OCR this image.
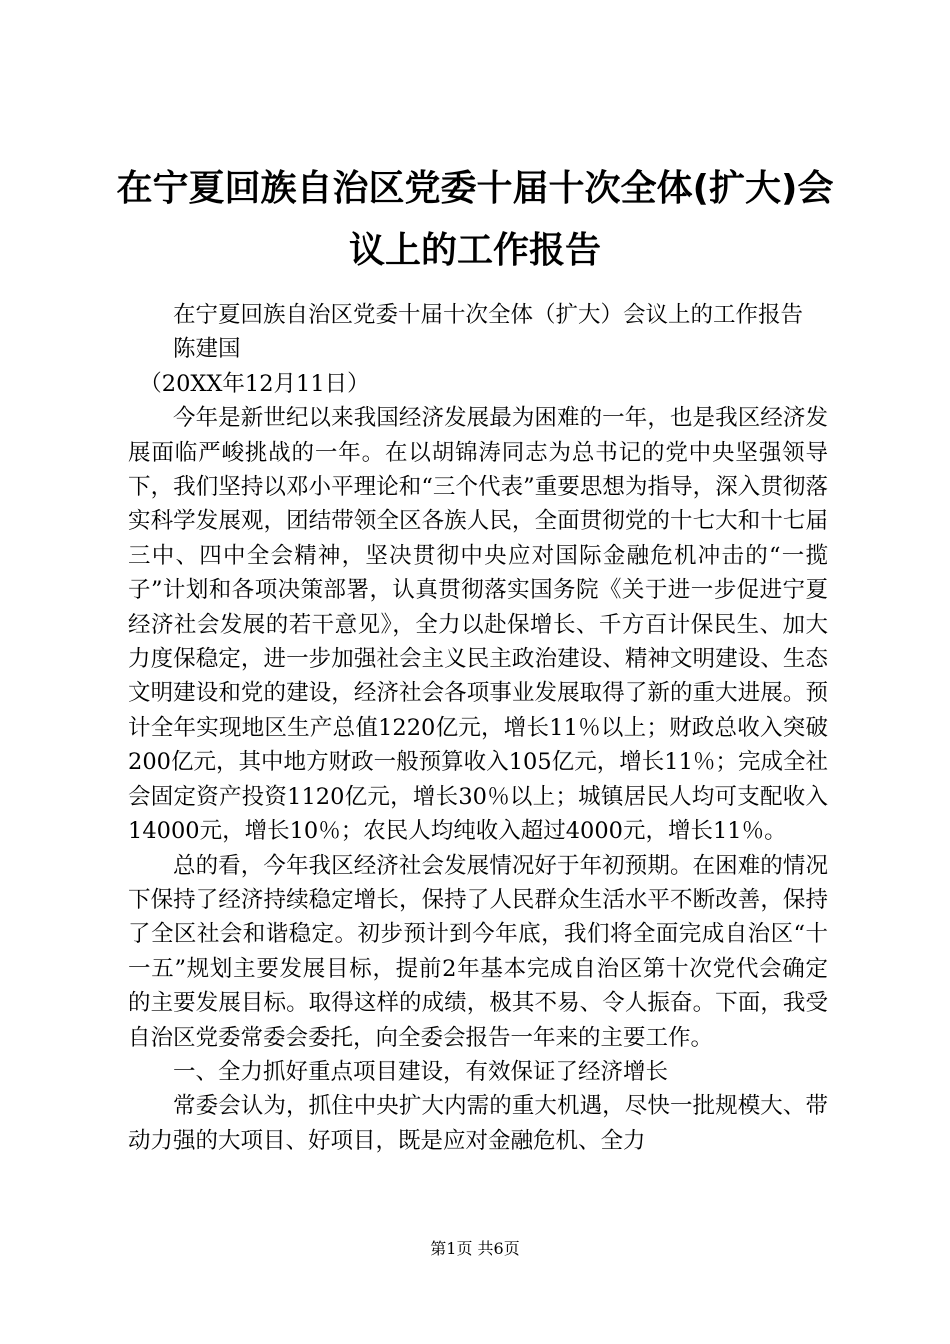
在宁夏回族自治区党委十届十次全体(扩大)会议上的工作报告

在宁夏回族自治区党委十届十次全体（扩大）会议上的工作报告

陈建国

（20XX年12月11日）

今年是新世纪以来我国经济发展最为困难的一年，也是我区经济发展面临严峻挑战的一年。在以胡锦涛同志为总书记的党中央坚强领导下，我们坚持以邓小平理论和“三个代表”重要思想为指导，深入贯彻落实科学发展观，团结带领全区各族人民，全面贯彻党的十七大和十七届三中、四中全会精神，坚决贯彻中央应对国际金融危机冲击的“一揽子”计划和各项决策部署，认真贯彻落实国务院《关于进一步促进宁夏经济社会发展的若干意见》，全力以赴保增长、千方百计保民生、加大力度保稳定，进一步加强社会主义民主政治建设、精神文明建设、生态文明建设和党的建设，经济社会各项事业发展取得了新的重大进展。预计全年实现地区生产总值1220亿元，增长11％以上；财政总收入突破200亿元，其中地方财政一般预算收入105亿元，增长11％；完成全社会固定资产投资1120亿元，增长30％以上；城镇居民人均可支配收入14000元，增长10％；农民人均纯收入超过4000元，增长11％。

总的看，今年我区经济社会发展情况好于年初预期。在困难的情况下保持了经济持续稳定增长，保持了人民群众生活水平不断改善，保持了全区社会和谐稳定。初步预计到今年底，我们将全面完成自治区“十一五”规划主要发展目标，提前2年基本完成自治区第十次党代会确定的主要发展目标。取得这样的成绩，极其不易、令人振奋。下面，我受自治区党委常委会委托，向全委会报告一年来的主要工作。

一、全力抓好重点项目建设，有效保证了经济增长

常委会认为，抓住中央扩大内需的重大机遇，尽快一批规模大、带动力强的大项目、好项目，既是应对金融危机、全力

第1页 共6页
